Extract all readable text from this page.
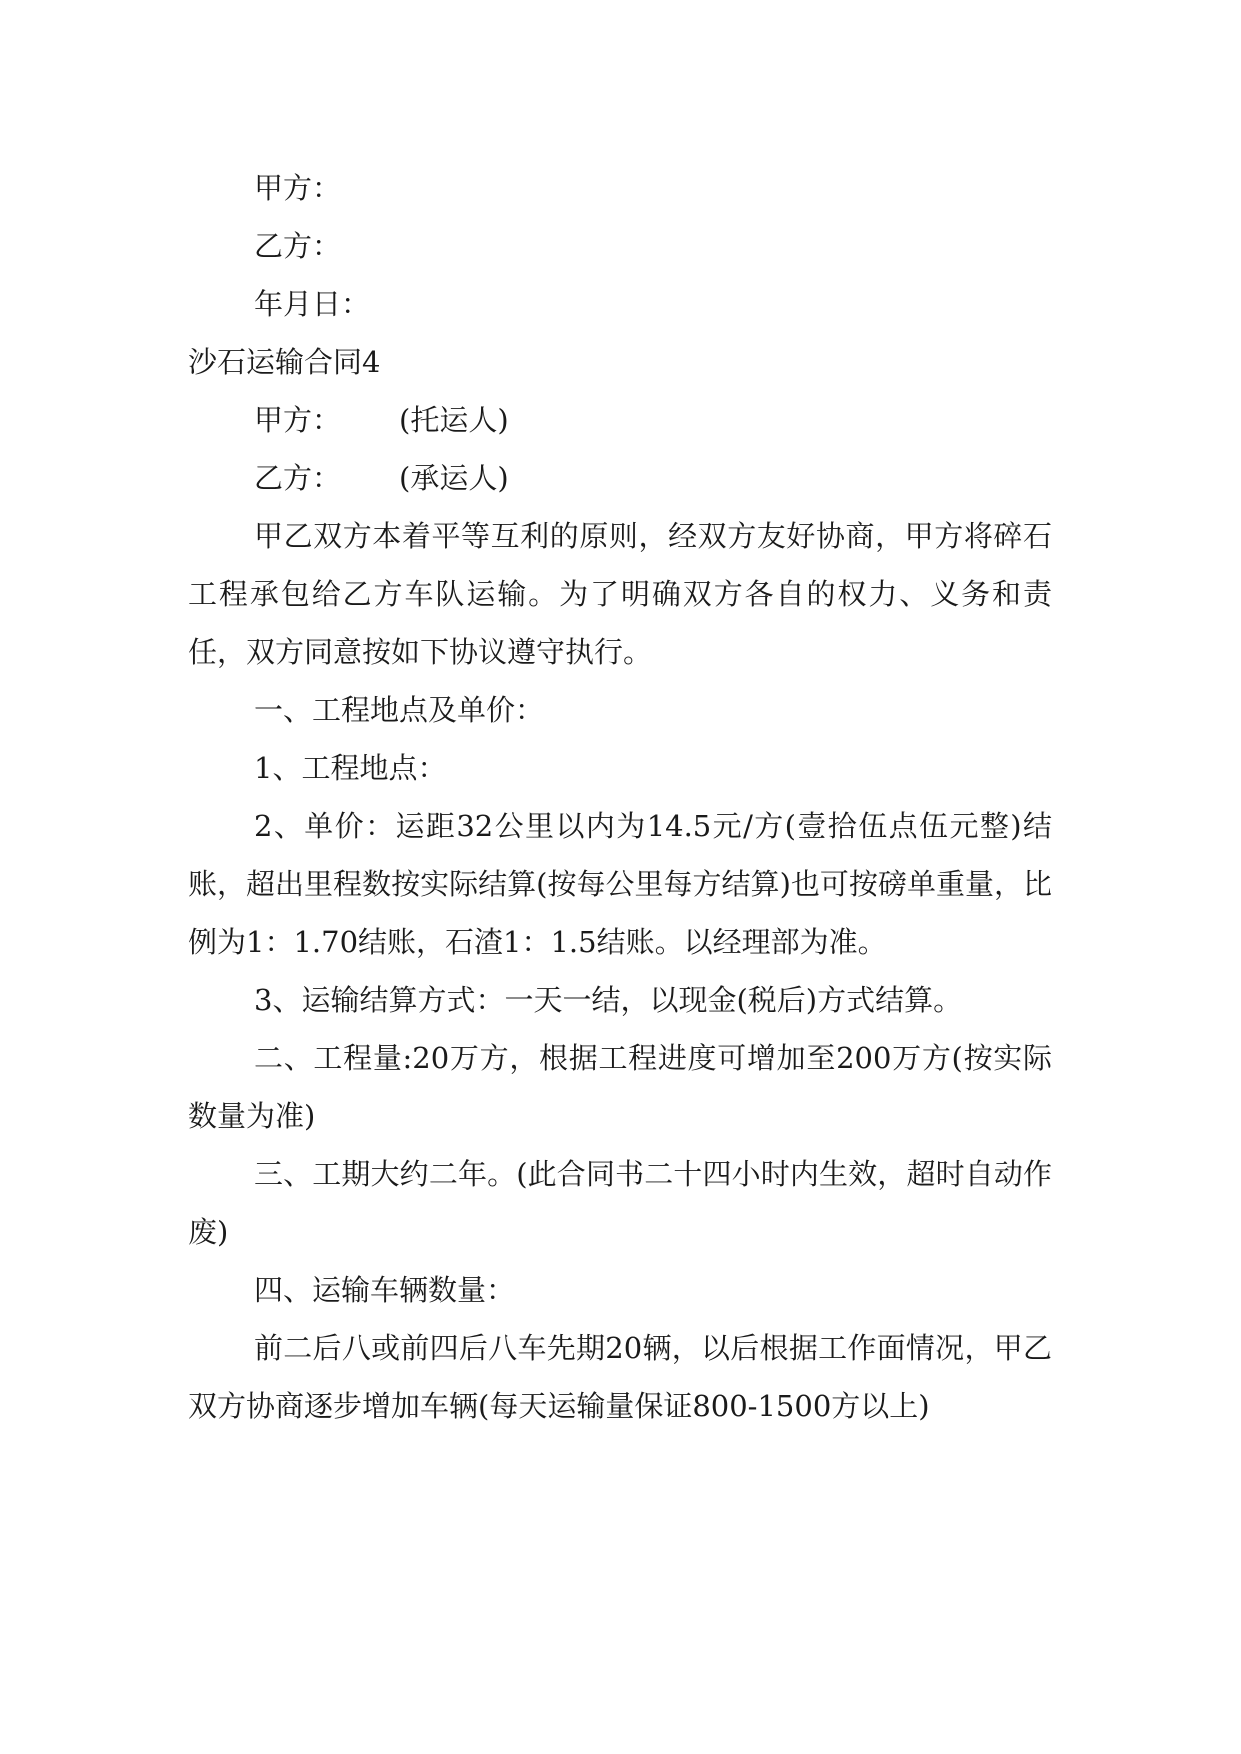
甲方：
乙方：
年月日：
沙石运输合同4
甲方： (托运人)
乙方： (承运人)
甲乙双方本着平等互利的原则，经双方友好协商，甲方将碎石工程承包给乙方车队运输。为了明确双方各自的权力、义务和责任，双方同意按如下协议遵守执行。
一、工程地点及单价：
1、工程地点：
2、单价：运距32公里以内为14.5元/方(壹拾伍点伍元整)结账，超出里程数按实际结算(按每公里每方结算)也可按磅单重量，比例为1：1.70结账，石渣1：1.5结账。以经理部为准。
3、运输结算方式：一天一结，以现金(税后)方式结算。
二、工程量:20万方，根据工程进度可增加至200万方(按实际数量为准)
三、工期大约二年。(此合同书二十四小时内生效，超时自动作废)
四、运输车辆数量：
前二后八或前四后八车先期20辆，以后根据工作面情况，甲乙双方协商逐步增加车辆(每天运输量保证800-1500方以上)
